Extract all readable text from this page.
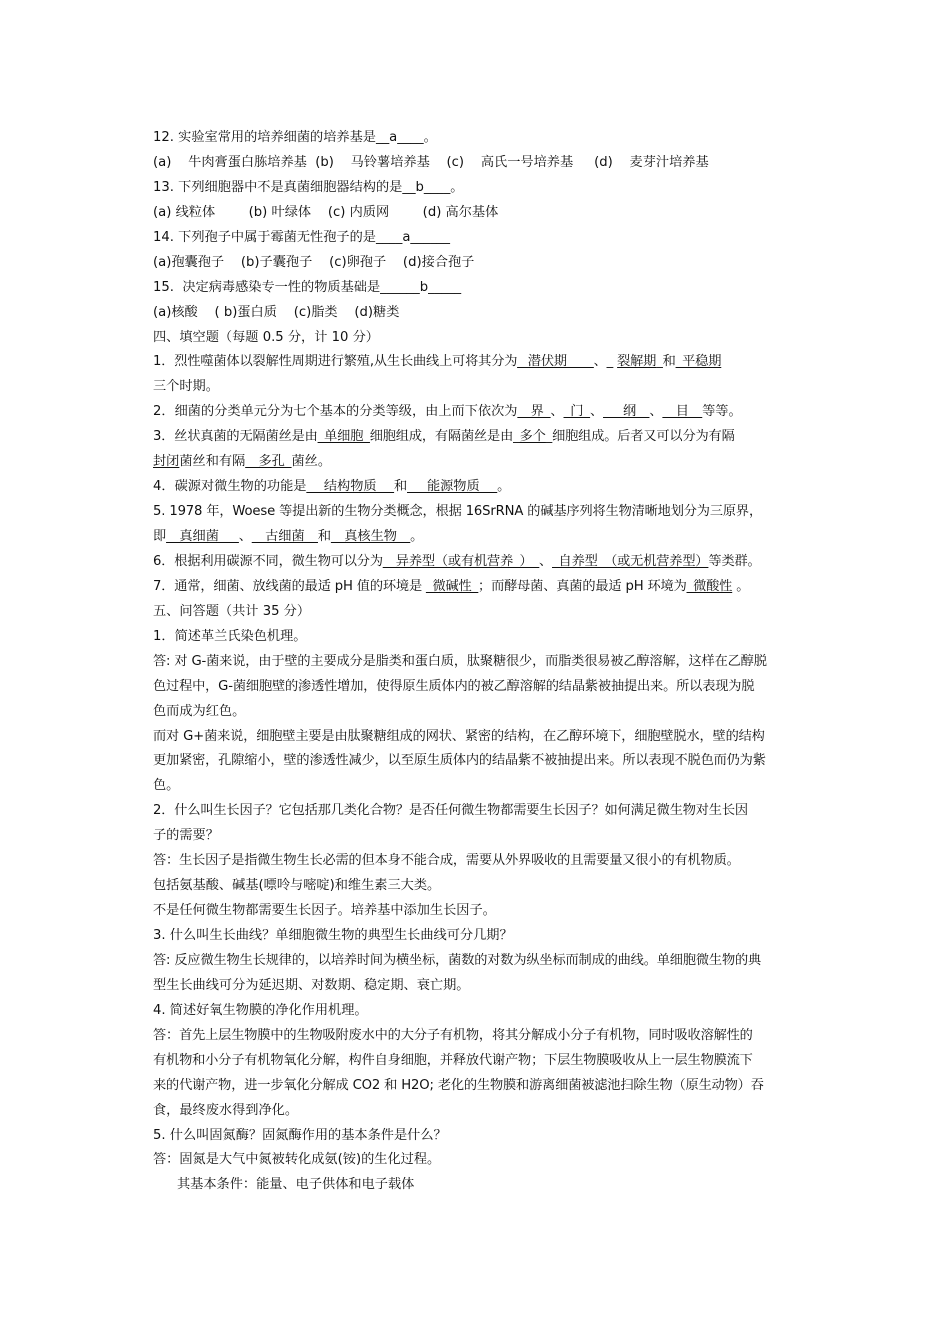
12. 实验室常用的培养细菌的培养基是__a____。
(a)    牛肉膏蛋白胨培养基  (b)    马铃薯培养基    (c)    高氏一号培养基     (d)    麦芽汁培养基
13. 下列细胞器中不是真菌细胞器结构的是__b____。
(a) 线粒体        (b) 叶绿体    (c) 内质网        (d) 高尔基体
14. 下列孢子中属于霉菌无性孢子的是____a______
(a)孢囊孢子    (b)子囊孢子    (c)卵孢子    (d)接合孢子
15.  决定病毒感染专一性的物质基础是______b_____
(a)核酸    ( b)蛋白质    (c)脂类    (d)糖类
四、填空题（每题 0.5 分，计 10 分）
1．烈性噬菌体以裂解性周期进行繁殖,从生长曲线上可将其分为_ 潜伏期     _、_ 裂解期_和_平稳期
三个时期。
2．细菌的分类单元分为七个基本的分类等级，由上而下依次为__界_、_门_、___纲__、__目__等等。
3．丝状真菌的无隔菌丝是由_单细胞_细胞组成，有隔菌丝是由_多个_细胞组成。后者又可以分为有隔
封闭菌丝和有隔__多孔_菌丝。
4．碳源对微生物的功能是__ 结构物质 __和___能源物质 __。
5. 1978 年，Woese 等提出新的生物分类概念，根据 16SrRNA 的碱基序列将生物清晰地划分为三原界，
即__真细菌___、__古细菌__和__真核生物__。
6．根据利用碳源不同，微生物可以分为__异养型（或有机营养_）_、_自养型_（或无机营养型）等类群。
7．通常，细菌、放线菌的最适 pH 值的环境是 _微碱性_；而酵母菌、真菌的最适 pH 环境为_微酸性 。
五、问答题（共计 35 分）
1．简述革兰氏染色机理。
答: 对 G-菌来说，由于壁的主要成分是脂类和蛋白质，肽聚糖很少，而脂类很易被乙醇溶解，这样在乙醇脱
色过程中，G-菌细胞壁的渗透性增加，使得原生质体内的被乙醇溶解的结晶紫被抽提出来。所以表现为脱
色而成为红色。
而对 G+菌来说，细胞壁主要是由肽聚糖组成的网状、紧密的结构，在乙醇环境下，细胞壁脱水，壁的结构
更加紧密，孔隙缩小，壁的渗透性减少，以至原生质体内的结晶紫不被抽提出来。所以表现不脱色而仍为紫
色。
2．什么叫生长因子？它包括那几类化合物？是否任何微生物都需要生长因子？如何满足微生物对生长因
子的需要？
答：生长因子是指微生物生长必需的但本身不能合成，需要从外界吸收的且需要量又很小的有机物质。
包括氨基酸、碱基(嘌呤与嘧啶)和维生素三大类。
不是任何微生物都需要生长因子。培养基中添加生长因子。
3. 什么叫生长曲线？单细胞微生物的典型生长曲线可分几期？
答: 反应微生物生长规律的，以培养时间为横坐标，菌数的对数为纵坐标而制成的曲线。单细胞微生物的典
型生长曲线可分为延迟期、对数期、稳定期、衰亡期。
4. 简述好氧生物膜的净化作用机理。
答：首先上层生物膜中的生物吸附废水中的大分子有机物，将其分解成小分子有机物，同时吸收溶解性的
有机物和小分子有机物氧化分解，构件自身细胞，并释放代谢产物；下层生物膜吸收从上一层生物膜流下
来的代谢产物，进一步氧化分解成 CO2 和 H2O; 老化的生物膜和游离细菌被滤池扫除生物（原生动物）吞
食，最终废水得到净化。
5. 什么叫固氮酶？固氮酶作用的基本条件是什么？
答：固氮是大气中氮被转化成氨(铵)的生化过程。
其基本条件：能量、电子供体和电子载体
